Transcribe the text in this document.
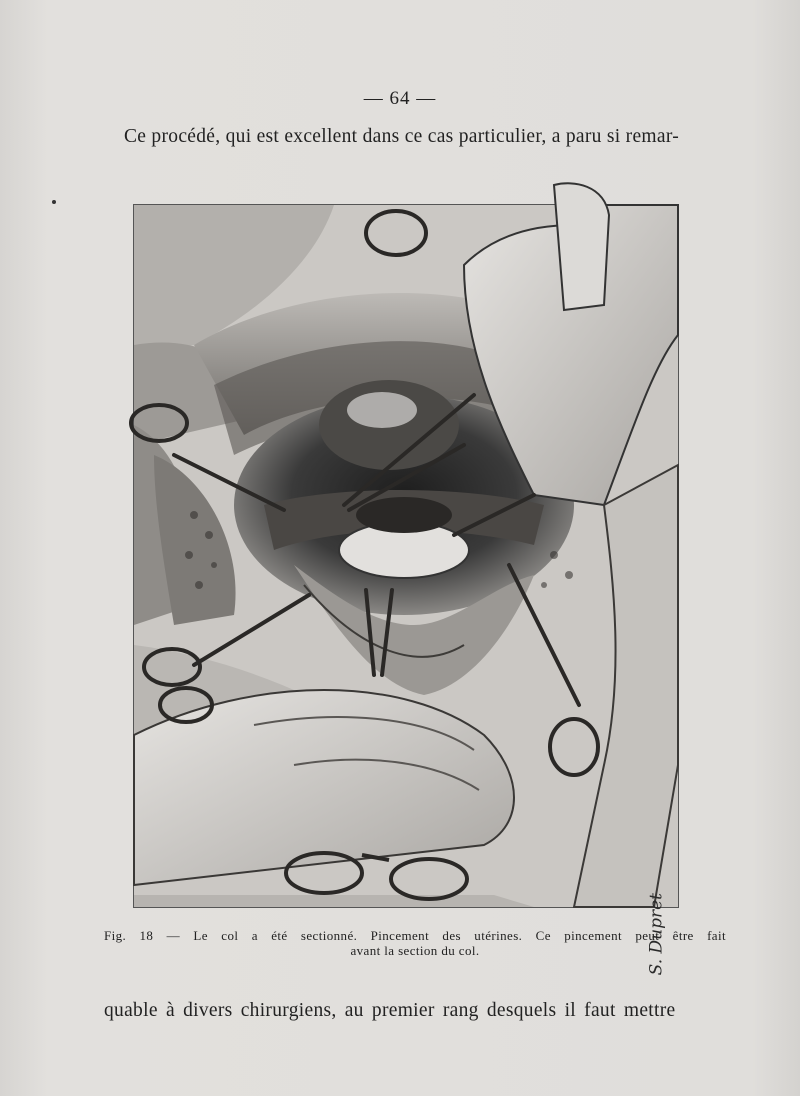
— 64 —
Ce procédé, qui est excellent dans ce cas particulier, a paru si remar-
S. Dupret
Fig. 18 — Le col a été sectionné. Pincement des utérines. Ce pincement peut être fait
avant la section du col.
quable à divers chirurgiens, au premier rang desquels il faut mettre
